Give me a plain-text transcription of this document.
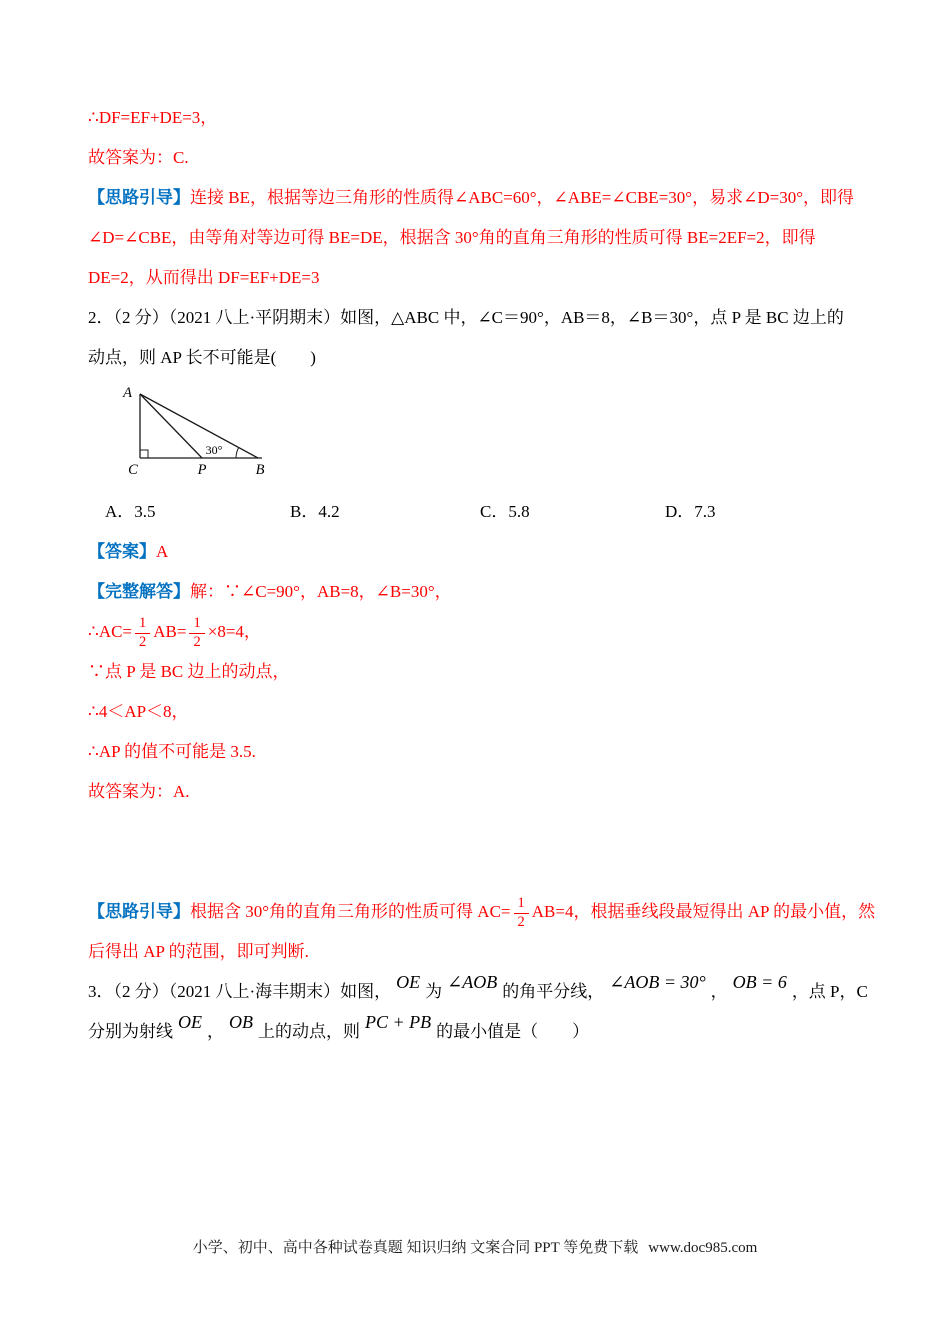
∴DF=EF+DE=3，

故答案为：C.

【思路引导】连接 BE，根据等边三角形的性质得∠ABC=60°，∠ABE=∠CBE=30°，易求∠D=30°，即得

∠D=∠CBE，由等角对等边可得 BE=DE，根据含 30°角的直角三角形的性质可得 BE=2EF=2，即得

DE=2，从而得出 DF=EF+DE=3

2．（2 分）（2021 八上·平阴期末）如图，△ABC 中，∠C＝90°，AB＝8，∠B＝30°，点 P 是 BC 边上的

动点，则 AP 长不可能是(　　)

A
C	P	B
30°
A．3.5	B．4.2	C．5.8	D．7.3

【答案】A

【完整解答】解：∵∠C=90°，AB=8，∠B=30°，

∴AC= $\frac{1}{2} AB= \frac{1}{2} \times 8=4$，

∵点 P 是 BC 边上的动点，

∴4＜AP＜8，

∴AP 的值不可能是 3.5.

故答案为：A.

【思路引导】根据含 30°角的直角三角形的性质可得 $AC= \frac{1}{2} AB=4$，根据垂线段最短得出 AP 的最小值，然

后得出 AP 的范围，即可判断.

3．（2 分）（2021 八上·海丰期末）如图， OE 为 ∠AOB 的角平分线， ∠AOB = 30° ， OB = 6 ，点 P，C

分别为射线 OE ， OB 上的动点，则 PC + PB 的最小值是（　　）

小学、初中、高中各种试卷真题 知识归纳 文案合同 PPT 等免费下载 www.doc985.com
